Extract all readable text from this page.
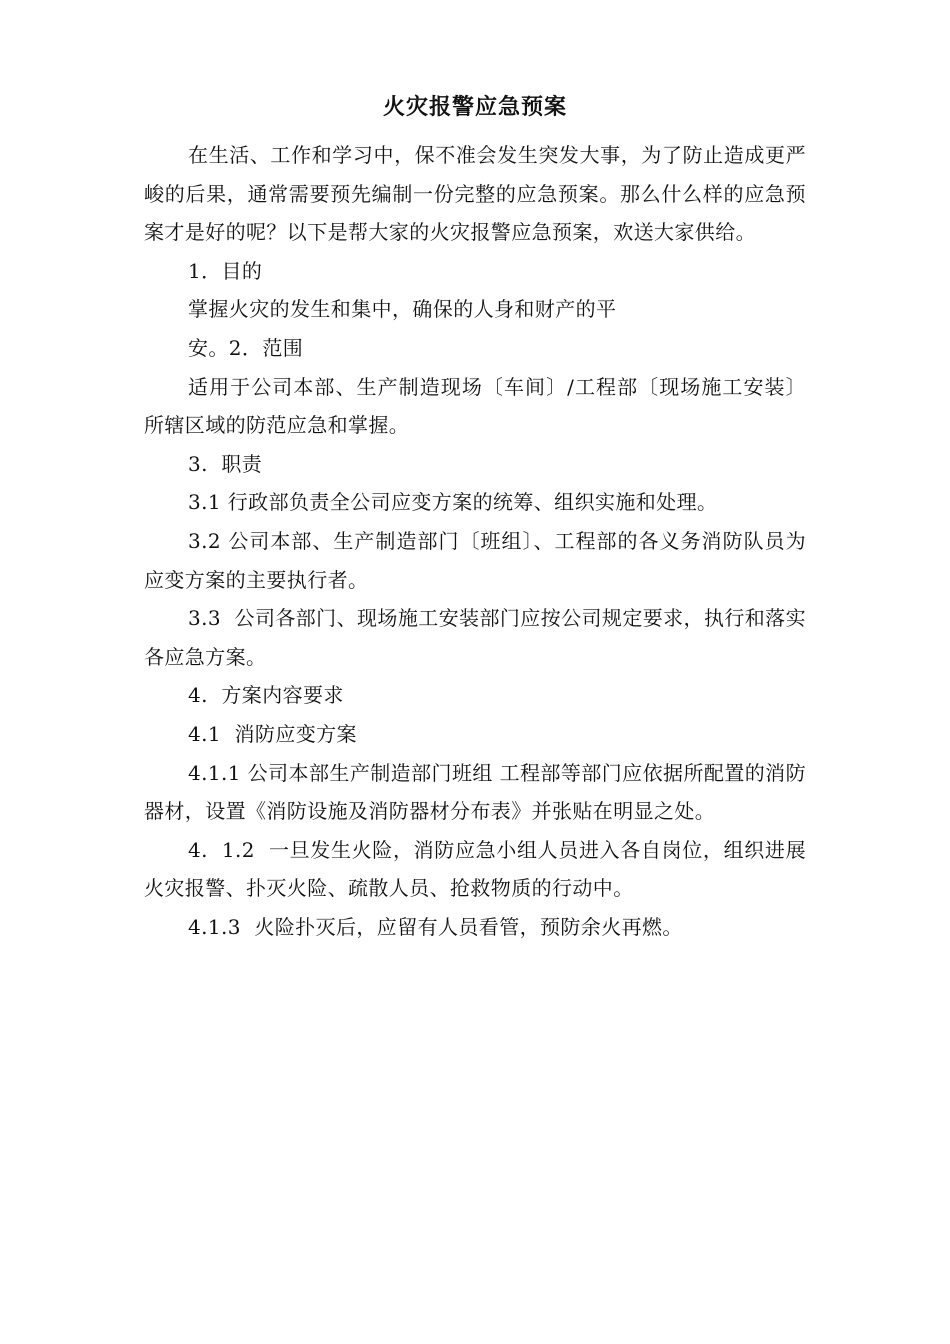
火灾报警应急预案

在生活、工作和学习中，保不准会发生突发大事，为了防止造成更严峻的后果，通常需要预先编制一份完整的应急预案。那么什么样的应急预案才是好的呢？以下是帮大家的火灾报警应急预案，欢送大家供给。

1．目的

掌握火灾的发生和集中，确保的人身和财产的平

安。2．范围

适用于公司本部、生产制造现场〔车间〕/工程部〔现场施工安装〕所辖区域的防范应急和掌握。

3.  职责

3.1 行政部负责全公司应变方案的统筹、组织实施和处理。

3.2 公司本部、生产制造部门〔班组〕、工程部的各义务消防队员为应变方案的主要执行者。

3.3  公司各部门、现场施工安装部门应按公司规定要求，执行和落实各应急方案。

4.  方案内容要求

4.1  消防应变方案

4.1.1 公司本部生产制造部门班组 工程部等部门应依据所配置的消防器材，设置《消防设施及消防器材分布表》并张贴在明显之处。

4.  1.2  一旦发生火险，消防应急小组人员进入各自岗位，组织进展火灾报警、扑灭火险、疏散人员、抢救物质的行动中。

4.1.3  火险扑灭后，应留有人员看管，预防余火再燃。
